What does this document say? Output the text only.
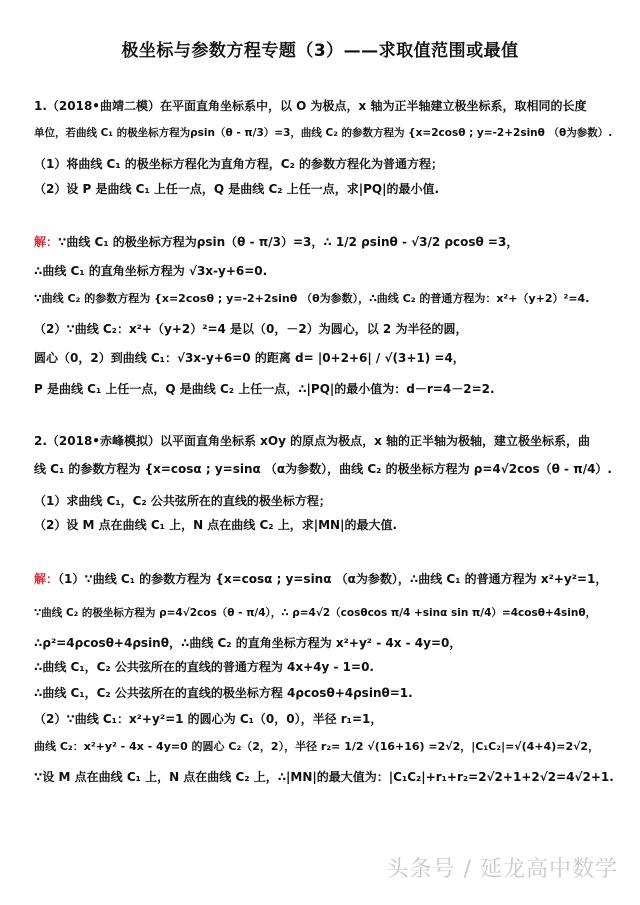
极坐标与参数方程专题（3）——求取值范围或最值
1.（2018•曲靖二模）在平面直角坐标系中，以 O 为极点，x 轴为正半轴建立极坐标系，取相同的长度
单位，若曲线 C₁ 的极坐标方程为ρsin（θ - π/3）=3，曲线 C₂ 的参数方程为 {x=2cosθ ; y=-2+2sinθ （θ为参数）.
（1）将曲线 C₁ 的极坐标方程化为直角方程，C₂ 的参数方程化为普通方程；
（2）设 P 是曲线 C₁ 上任一点，Q 是曲线 C₂ 上任一点，求|PQ|的最小值.
解：∵曲线 C₁ 的极坐标方程为ρsin（θ - π/3）=3，∴ 1/2 ρsinθ - √3/2 ρcosθ =3，
∴曲线 C₁ 的直角坐标方程为 √3x-y+6=0.
∵曲线 C₂ 的参数方程为 {x=2cosθ ; y=-2+2sinθ （θ为参数），∴曲线 C₂ 的普通方程为：x²+（y+2）²=4.
（2）∵曲线 C₂：x²+（y+2）²=4 是以（0，－2）为圆心，以 2 为半径的圆，
圆心（0，2）到曲线 C₁：√3x-y+6=0 的距离 d= |0+2+6| / √(3+1) =4，
P 是曲线 C₁ 上任一点，Q 是曲线 C₂ 上任一点，∴|PQ|的最小值为：d－r=4－2=2.
2.（2018•赤峰模拟）以平面直角坐标系 xOy 的原点为极点，x 轴的正半轴为极轴，建立极坐标系，曲
线 C₁ 的参数方程为 {x=cosα ; y=sinα （α为参数），曲线 C₂ 的极坐标方程为 ρ=4√2cos（θ - π/4）.
（1）求曲线 C₁，C₂ 公共弦所在的直线的极坐标方程；
（2）设 M 点在曲线 C₁ 上，N 点在曲线 C₂ 上，求|MN|的最大值.
解：（1）∵曲线 C₁ 的参数方程为 {x=cosα ; y=sinα （α为参数），∴曲线 C₁ 的普通方程为 x²+y²=1，
∵曲线 C₂ 的极坐标方程为 ρ=4√2cos（θ - π/4），∴ ρ=4√2（cosθcos π/4 +sinα sin π/4）=4cosθ+4sinθ，
∴ρ²=4ρcosθ+4ρsinθ，∴曲线 C₂ 的直角坐标方程为 x²+y² - 4x - 4y=0，
∴曲线 C₁，C₂ 公共弦所在的直线的普通方程为 4x+4y - 1=0.
∴曲线 C₁，C₂ 公共弦所在的直线的极坐标方程 4ρcosθ+4ρsinθ=1.
（2）∵曲线 C₁：x²+y²=1 的圆心为 C₁（0，0），半径 r₁=1，
曲线 C₂：x²+y² - 4x - 4y=0 的圆心 C₂（2，2），半径 r₂= 1/2 √(16+16) =2√2，|C₁C₂|=√(4+4)=2√2，
∵设 M 点在曲线 C₁ 上，N 点在曲线 C₂ 上，∴|MN|的最大值为：|C₁C₂|+r₁+r₂=2√2+1+2√2=4√2+1.
头条号 / 延龙高中数学
